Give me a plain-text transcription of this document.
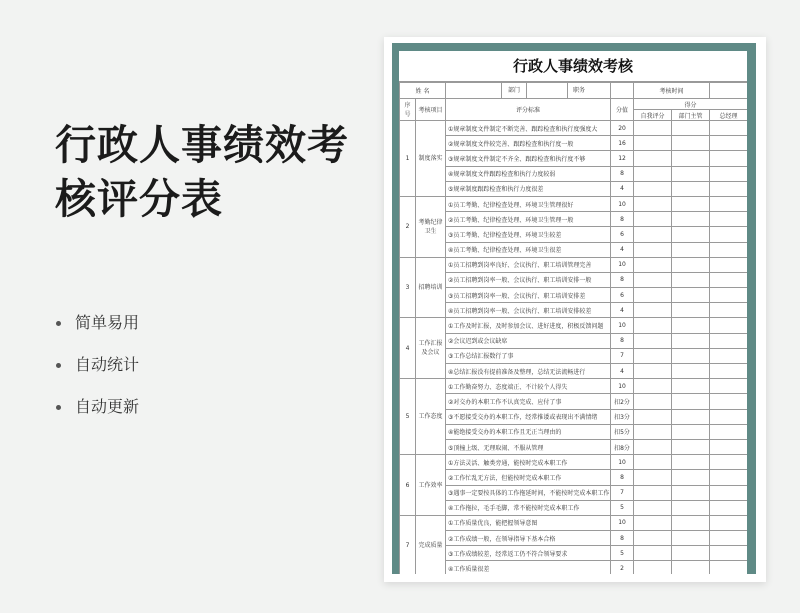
行政人事绩效考核评分表
简单易用
自动统计
自动更新
行政人事绩效考核
姓 名		部门 职务		考核时间		
序号	考核项目	评分标准	分值	得分		
				自我评分	部门主管	总经理
1	制度落实	①规章制度文件制定不断完善、跟踪检查和执行度强度大	20			
		②规章制度文件较完善、跟踪检查和执行度一般	16			
		③规章制度文件制定不齐全、跟踪检查和执行度不够	12			
		④规章制度文件跟踪检查和执行力度较弱	8			
		⑤规章制度跟踪检查和执行力度很差	4			
2	考勤纪律卫生	①员工考勤、纪律检查处理、环境卫生管理很好	10			
		②员工考勤、纪律检查处理、环境卫生管理一般	8			
		③员工考勤、纪律检查处理、环境卫生较差	6			
		④员工考勤、纪律检查处理、环境卫生很差	4			
3	招聘培训	①员工招聘到岗率良好、会议执行、职工培训管理完善	10			
		②员工招聘到岗率一般、会议执行、职工培训安排一般	8			
		③员工招聘到岗率一般、会议执行、职工培训安排差	6			
		④员工招聘到岗率一般、会议执行、职工培训安排较差	4			
4	工作汇报及会议	①工作及时汇报，及时参加会议、进好进度，积极反馈问题	10			
		②会议迟到或会议缺席	8			
		③工作总结汇报数行了事	7			
		④总结汇报没有提前准备及整理，总结无法流畅进行	4			
5	工作态度	①工作勤奋努力、态度端正、不计较个人得失	10			
		②对交办的本职工作不认真完成、应付了事	扣2分			
		③不愿接受交办的本职工作，经常推诿或表现出不满情绪	扣3分			
		④能绝接受交办的本职工作且无正当理由的	扣5分			
		⑤顶撞上级、无理取闹、不服从管理	扣8分			
6	工作效率	①方法灵活、触类旁通，能按时完成本职工作	10			
		②工作忙乱无方法，但能按时完成本职工作	8			
		③遇事一定要按具体的工作拖延时间，不能按时完成本职工作	7			
		④工作拖拉，毛手毛脚，常不能按时完成本职工作	5			
7	完成质量	①工作质量优良，能把握领导意图	10			
		②工作成绩一般，在领导指导下基本合格	8			
		③工作成绩较差，经常返工仍不符合领导要求	5			
		④工作质量很差	2			
